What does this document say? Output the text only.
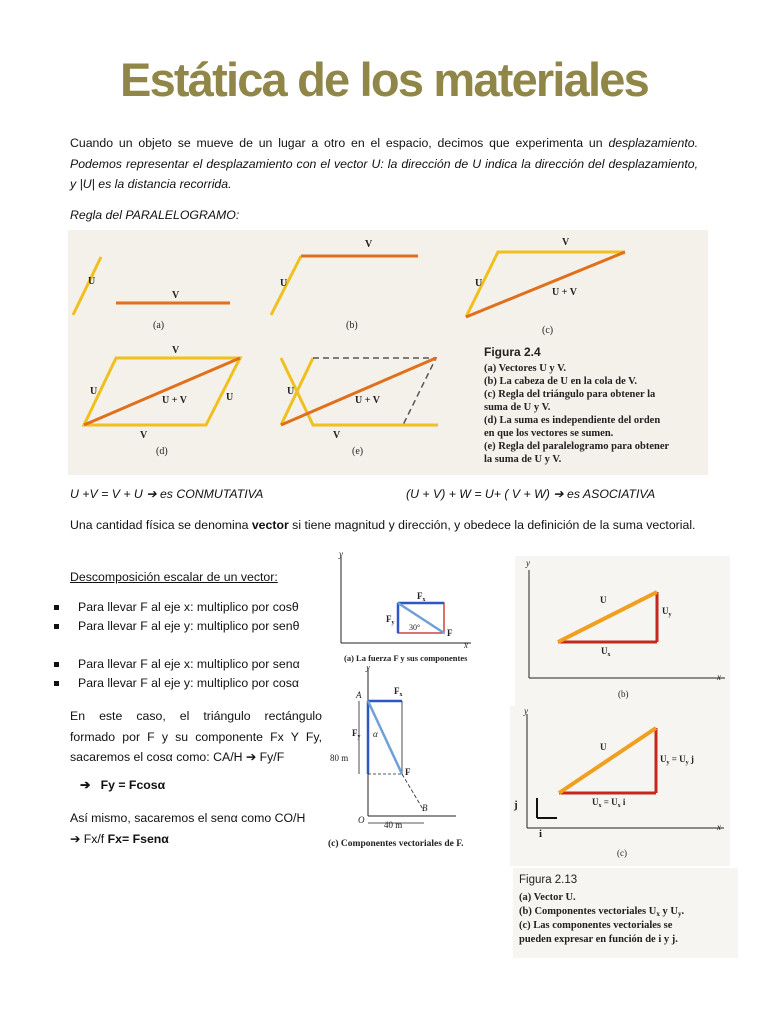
Estática de los materiales
Cuando un objeto se mueve de un lugar a otro en el espacio, decimos que experimenta un desplazamiento. Podemos representar el desplazamiento con el vector U: la dirección de U indica la dirección del desplazamiento, y |U| es la distancia recorrida.
Regla del PARALELOGRAMO:
U
V
(a)
U
V
(b)
U
V
U + V
(c)
U
U
V
V
U + V
(d)
U
V
U + V
(e)
Figura 2.4
(a) Vectores U y V.
(b) La cabeza de U en la cola de V.
(c) Regla del triángulo para obtener la
suma de U y V.
(d) La suma es independiente del orden
en que los vectores se sumen.
(e) Regla del paralelogramo para obtener
la suma de U y V.
U +V = V + U ➔ es CONMUTATIVA	(U + V) + W = U+ ( V + W) ➔ es ASOCIATIVA
Una cantidad física se denomina vector si tiene magnitud y dirección, y obedece la definición de la suma vectorial.
Descomposición escalar de un vector:
Para llevar F al eje x: multiplico por cosθ
Para llevar F al eje y: multiplico por senθ
Para llevar F al eje x: multiplico por senα
Para llevar F al eje y: multiplico por cosα
En este caso, el triángulo rectángulo
formado por F y su componente Fx Y Fy,
sacaremos el cosα como: CA/H ➔ Fy/F
➔ Fy = Fcosα
Así mismo, sacaremos el senα como CO/H
➔ Fx/f Fx= Fsenα
y
x
$F_x$
$F_y$
F
30°
(a) La fuerza F y sus componentes
y
A
80 m
$F_x$
$F_y$ α
F
O
B
40 m
(c) Componentes vectoriales de F.
y
x
U
$U_y$
$U_x$
(b)
y
x
j
i
U
$U_y = U_y$ j
$U_x = U_x$ i
(c)
Figura 2.13
(a) Vector U.
(b) Componentes vectoriales Ux y Uy.
(c) Las componentes vectoriales se
pueden expresar en función de i y j.
